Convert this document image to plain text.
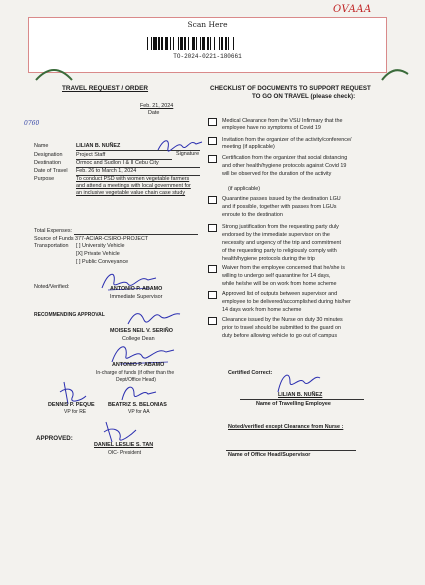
OVAAA
Scan Here
TO-2024-0221-180661
TRAVEL REQUEST / ORDER
Feb. 21, 2024
Date
0760
Name	LILIAN B. NUÑEZ
Signature
Designation	Project Staff
Destination	Ormoc and Sudlon I & II Cebu City
Date of Travel Feb. 26 to March 1, 2024
Purpose	To conduct PSD with women vegetable farmers
and attend a meetings with local government for
an inclusive vegetable value chain case study
Total Expenses:
Source of Funds 377-ACIAR-CSIRO-PROJECT
Transportation [ ] University Vehicle
[X] Private Vehicle
[ ] Public Conveyance
Noted/Verified:	ANTONIO P. ABAMO
Immediate Supervisor
RECOMMENDING APPROVAL
MOISES NEIL V. SERIÑO
College Dean
ANTONIO P. ABAMO
In-charge of funds (if other than the
Dept/Office Head)
DENNIS P. PEQUE
VP for RE
BEATRIZ S. BELONIAS
VP for AA
APPROVED:
DANIEL LESLIE S. TAN
OIC- President
CHECKLIST OF DOCUMENTS TO SUPPORT REQUEST
TO GO ON TRAVEL (please check):
Medical Clearance from the VSU Infirmary that the
employee have no symptoms of Covid 19
Invitation from the organizer of the activity/conference/
meeting (if applicable)
Certification from the organizer that social distancing
and other health/hygiene protocols against Covid 19
will be observed for the duration of the activity
(if applicable)
Quarantine passes issued by the destination LGU
and if possible, together with passes from LGUs
enroute to the destination
Strong justification from the requesting party duly
endorsed by the immediate supervisor on the
necessity and urgency of the trip and commitment
of the requesting party to religiously comply with
health/hygiene protocols during the trip
Waiver from the employee concerned that he/she is
willing to undergo self quarantine for 14 days,
while he/she will be on work from home scheme
Approved list of outputs between supervisor and
employee to be delivered/accomplished during his/her
14 days work from home scheme
Clearance issued by the Nurse on duty 30 minutes
prior to travel should be submitted to the guard on
duty before allowing vehicle to go out of campus
Certified Correct:
LILIAN B. NUÑEZ
Name of Travelling Employee
Noted/verified except Clearance from Nurse :
Name of Office Head/Supervisor
